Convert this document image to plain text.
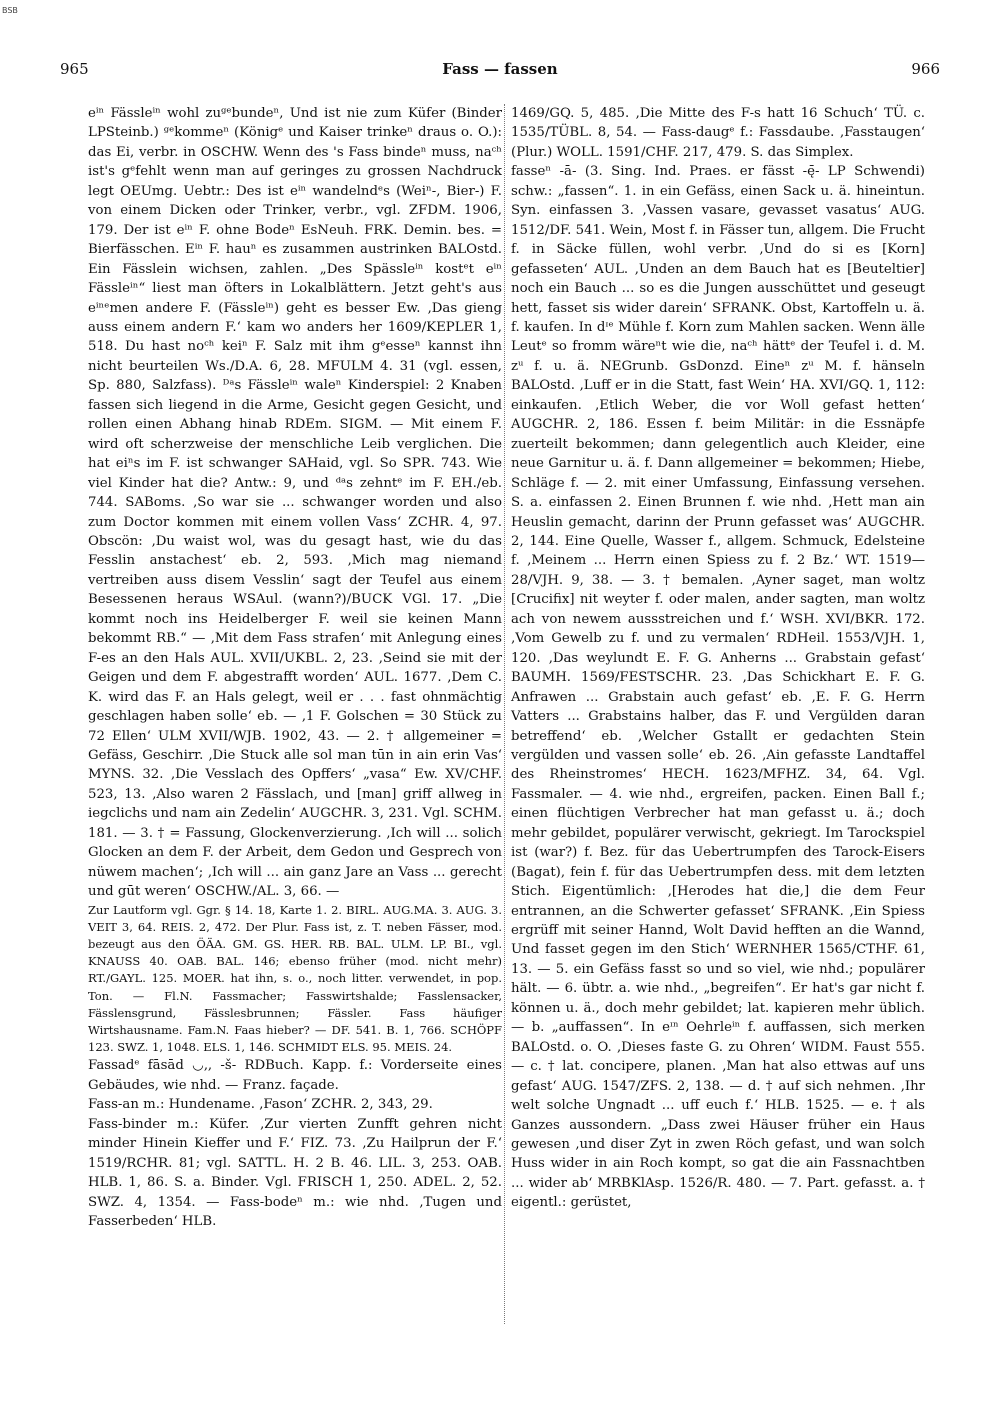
BSB
965	Fass — fassen	966

eⁱⁿ Fässleⁱⁿ wohl zuᵍᵉbundeⁿ, Und ist nie zum Küfer (Binder LPSteinb.) ᵍᵉkommeⁿ (Königᵉ und Kaiser trinkeⁿ draus o. O.): das Ei, verbr. in OSCHW. Wenn des 's Fass bindeⁿ muss, naᶜʰ ist's gᵉfehlt wenn man auf geringes zu grossen Nachdruck legt OEUmg. Uebtr.: Des ist eⁱⁿ wandelndᵉs (Weiⁿ-, Bier-) F. von einem Dicken oder Trinker, verbr., vgl. ZFDM. 1906, 179. Der ist eⁱⁿ F. ohne Bodeⁿ EsNeuh. FRK. Demin. bes. = Bierfässchen. Eⁱⁿ F. hauⁿ es zusammen austrinken BALOstd. Ein Fässlein wichsen, zahlen. „Des Spässleⁱⁿ kostᵉt eⁱⁿ Fässleⁱⁿ“ liest man öfters in Lokalblättern. Jetzt geht's aus eⁱⁿᵉmen andere F. (Fässleⁱⁿ) geht es besser Ew. ‚Das gieng auss einem andern F.‘ kam wo anders her 1609/KEPLER 1, 518. Du hast noᶜʰ keiⁿ F. Salz mit ihm gᵉesseⁿ kannst ihn nicht beurteilen Ws./D.A. 6, 28. MFULM 4. 31 (vgl. essen, Sp. 880, Salzfass). ᴰᵃs Fässleⁱⁿ waleⁿ Kinderspiel: 2 Knaben fassen sich liegend in die Arme, Gesicht gegen Gesicht, und rollen einen Abhang hinab RDEm. SIGM. — Mit einem F. wird oft scherzweise der menschliche Leib verglichen. Die hat eiⁿs im F. ist schwanger SAHaid, vgl. So SPR. 743. Wie viel Kinder hat die? Antw.: 9, und ᵈᵃs zehntᵉ im F. EH./eb. 744. SABoms. ‚So war sie ... schwanger worden und also zum Doctor kommen mit einem vollen Vass‘ ZCHR. 4, 97. Obscön: ‚Du waist wol, was du gesagt hast, wie du das Fesslin anstachest‘ eb. 2, 593. ‚Mich mag niemand vertreiben auss disem Vesslin‘ sagt der Teufel aus einem Besessenen heraus WSAul. (wann?)/BUCK VGl. 17. „Die kommt noch ins Heidelberger F. weil sie keinen Mann bekommt RB.“ — ‚Mit dem Fass strafen‘ mit Anlegung eines F-es an den Hals AUL. XVII/UKBL. 2, 23. ‚Seind sie mit der Geigen und dem F. abgestrafft worden‘ AUL. 1677. ‚Dem C. K. wird das F. an Hals gelegt, weil er . . . fast ohnmächtig geschlagen haben solle‘ eb. — ‚1 F. Golschen = 30 Stück zu 72 Ellen‘ ULM XVII/WJB. 1902, 43. — 2. † allgemeiner = Gefäss, Geschirr. ‚Die Stuck alle sol man tūn in ain erin Vas‘ MYNS. 32. ‚Die Vesslach des Opffers‘ „vasa“ Ew. XV/CHF. 523, 13. ‚Also waren 2 Fässlach, und [man] griff allweg in iegclichs und nam ain Zedelin‘ AUGCHR. 3, 231. Vgl. SCHM. 181. — 3. † = Fassung, Glockenverzierung. ‚Ich will ... solich Glocken an dem F. der Arbeit, dem Gedon und Gesprech von nüwem machen‘; ‚Ich will ... ain ganz Jare an Vass ... gerecht und gūt weren‘ OSCHW./AL. 3, 66. —

Zur Lautform vgl. Ggr. § 14. 18, Karte 1. 2. BIRL. AUG.MA. 3. AUG. 3. VEIT 3, 64. REIS. 2, 472. Der Plur. Fass ist, z. T. neben Fässer, mod. bezeugt aus den ÖÄA. GM. GS. HER. RB. BAL. ULM. LP. BI., vgl. KNAUSS 40. OAB. BAL. 146; ebenso früher (mod. nicht mehr) RT./GAYL. 125. MOER. hat ihn, s. o., noch litter. verwendet, in pop. Ton. — Fl.N. Fassmacher; Fasswirtshalde; Fasslensacker, Fässlensgrund, Fässlesbrunnen; Fässler. Fass häufiger Wirtshausname. Fam.N. Faas hieber? — DF. 541. B. 1, 766. SCHÖPF 123. SWZ. 1, 1048. ELS. 1, 146. SCHMIDT ELS. 95. MEIS. 24.

Fassadᵉ fāsād ◡‚, -š- RDBuch. Kapp. f.: Vorderseite eines Gebäudes, wie nhd. — Franz. façade.

Fass-an m.: Hundename. ‚Fason‘ ZCHR. 2, 343, 29.

Fass-binder m.: Küfer. ‚Zur vierten Zunfft gehren nicht minder Hinein Kieffer und F.‘ FIZ. 73. ‚Zu Hailprun der F.‘ 1519/RCHR. 81; vgl. SATTL. H. 2 B. 46. LIL. 3, 253. OAB. HLB. 1, 86. S. a. Binder. Vgl. FRISCH 1, 250. ADEL. 2, 52. SWZ. 4, 1354. — Fass-bodeⁿ m.: wie nhd. ‚Tugen und Fasserbeden‘ HLB.

1469/GQ. 5, 485. ‚Die Mitte des F-s hatt 16 Schuch‘ TÜ. c. 1535/TÜBL. 8, 54. — Fass-daugᵉ f.: Fassdaube. ‚Fasstaugen‘ (Plur.) WOLL. 1591/CHF. 217, 479. S. das Simplex.

fasseⁿ -ā- (3. Sing. Ind. Praes. er fässt -ę̄- LP Schwendi) schw.: „fassen“. 1. in ein Gefäss, einen Sack u. ä. hineintun. Syn. einfassen 3. ‚Vassen vasare, gevasset vasatus‘ AUG. 1512/DF. 541. Wein, Most f. in Fässer tun, allgem. Die Frucht f. in Säcke füllen, wohl verbr. ‚Und do si es [Korn] gefasseten‘ AUL. ‚Unden an dem Bauch hat es [Beuteltier] noch ein Bauch ... so es die Jungen ausschüttet und geseugt hett, fasset sis wider darein‘ SFRANK. Obst, Kartoffeln u. ä. f. kaufen. In dᶦᵉ Mühle f. Korn zum Mahlen sacken. Wenn älle Leutᵉ so fromm wäreⁿt wie die, naᶜʰ hättᵉ der Teufel i. d. M. zᵘ f. u. ä. NEGrunb. GsDonzd. Eineⁿ zᵘ M. f. hänseln BALOstd. ‚Luff er in die Statt, fast Wein‘ HA. XVI/GQ. 1, 112: einkaufen. ‚Etlich Weber, die vor Woll gefast hetten‘ AUGCHR. 2, 186. Essen f. beim Militär: in die Essnäpfe zuerteilt bekommen; dann gelegentlich auch Kleider, eine neue Garnitur u. ä. f. Dann allgemeiner = bekommen; Hiebe, Schläge f. — 2. mit einer Umfassung, Einfassung versehen. S. a. einfassen 2. Einen Brunnen f. wie nhd. ‚Hett man ain Heuslin gemacht, darinn der Prunn gefasset was‘ AUGCHR. 2, 144. Eine Quelle, Wasser f., allgem. Schmuck, Edelsteine f. ‚Meinem ... Herrn einen Spiess zu f. 2 Bz.‘ WT. 1519—28/VJH. 9, 38. — 3. † bemalen. ‚Ayner saget, man woltz [Crucifix] nit weyter f. oder malen, ander sagten, man woltz ach von newem aussstreichen und f.‘ WSH. XVI/BKR. 172. ‚Vom Gewelb zu f. und zu vermalen‘ RDHeil. 1553/VJH. 1, 120. ‚Das weylundt E. F. G. Anherns ... Grabstain gefast‘ BAUMH. 1569/FESTSCHR. 23. ‚Das Schickhart E. F. G. Anfrawen ... Grabstain auch gefast‘ eb. ‚E. F. G. Herrn Vatters ... Grabstains halber, das F. und Vergülden daran betreffend‘ eb. ‚Welcher Gstallt er gedachten Stein vergülden und vassen solle‘ eb. 26. ‚Ain gefasste Landtaffel des Rheinstromes‘ HECH. 1623/MFHZ. 34, 64. Vgl. Fassmaler. — 4. wie nhd., ergreifen, packen. Einen Ball f.; einen flüchtigen Verbrecher hat man gefasst u. ä.; doch mehr gebildet, populärer verwischt, gekriegt. Im Tarockspiel ist (war?) f. Bez. für das Uebertrumpfen des Tarock-Eisers (Bagat), fein f. für das Uebertrumpfen dess. mit dem letzten Stich. Eigentümlich: ‚[Herodes hat die,] die dem Feur entrannen, an die Schwerter gefasset‘ SFRANK. ‚Ein Spiess ergrüff mit seiner Hannd, Wolt David hefften an die Wannd, Und fasset gegen im den Stich‘ WERNHER 1565/CTHF. 61, 13. — 5. ein Gefäss fasst so und so viel, wie nhd.; populärer hält. — 6. übtr. a. wie nhd., „begreifen“. Er hat's gar nicht f. können u. ä., doch mehr gebildet; lat. kapieren mehr üblich. — b. „auffassen“. In eᶦⁿ Oehrleⁱⁿ f. auffassen, sich merken BALOstd. o. O. ‚Dieses faste G. zu Ohren‘ WIDM. Faust 555. — c. † lat. concipere, planen. ‚Man hat also ettwas auf uns gefast‘ AUG. 1547/ZFS. 2, 138. — d. † auf sich nehmen. ‚Ihr welt solche Ungnadt ... uff euch f.‘ HLB. 1525. — e. † als Ganzes aussondern. „Dass zwei Häuser früher ein Haus gewesen ‚und diser Zyt in zwen Röch gefast, und wan solch Huss wider in ain Roch kompt, so gat die ain Fassnachtben ... wider ab‘ MRBKlAsp. 1526/R. 480. — 7. Part. gefasst. a. † eigentl.: gerüstet,
